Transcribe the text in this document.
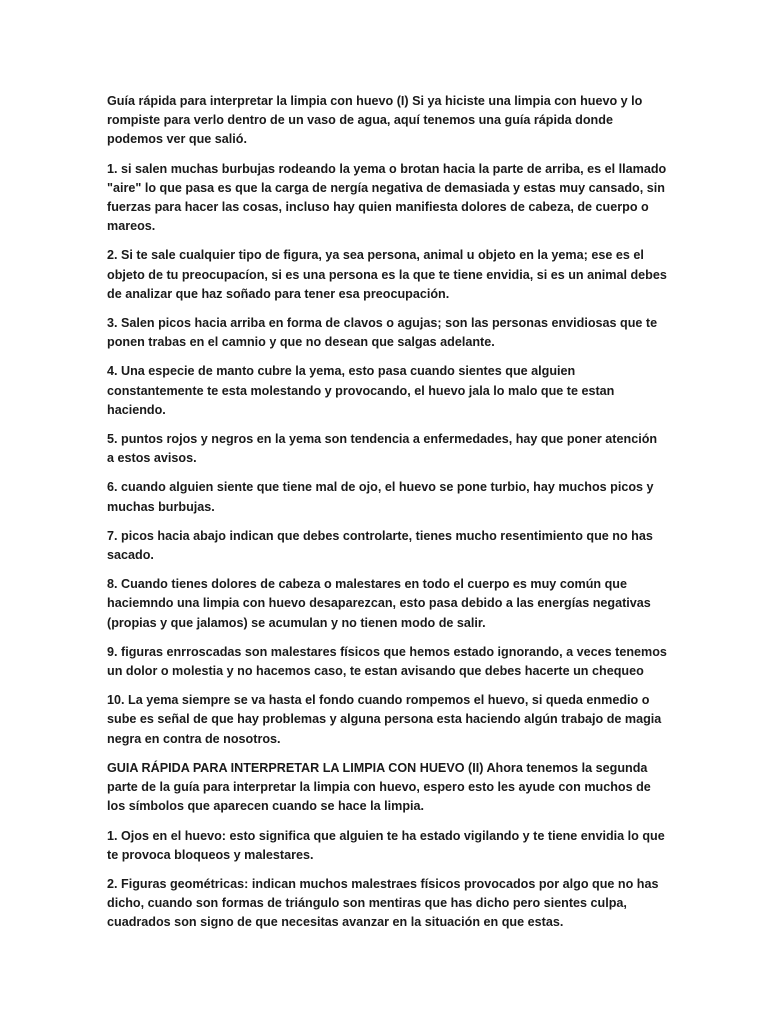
Guía rápida para interpretar la limpia con huevo (I) Si ya hiciste una limpia con huevo y lo rompiste para verlo dentro de un vaso de agua, aquí tenemos una guía rápida donde podemos ver que salió.

1. si salen muchas burbujas rodeando la yema o brotan hacia la parte de arriba, es el llamado "aire" lo que pasa es que la carga de nergía negativa de demasiada y estas muy cansado, sin fuerzas para hacer las cosas, incluso hay quien manifiesta dolores de cabeza, de cuerpo o mareos.

2. Si te sale cualquier tipo de figura, ya sea persona, animal u objeto en la yema; ese es el objeto de tu preocupacíon, si es una persona es la que te tiene envidia, si es un animal debes de analizar que haz soñado para tener esa preocupación.

3. Salen picos hacia arriba en forma de clavos o agujas; son las personas envidiosas que te ponen trabas en el camnio y que no desean que salgas adelante.

4. Una especie de manto cubre la yema, esto pasa cuando sientes que alguien constantemente te esta molestando y provocando, el huevo jala lo malo que te estan haciendo.

5. puntos rojos y negros en la yema son tendencia a enfermedades, hay que poner atención a estos avisos.

6. cuando alguien siente que tiene mal de ojo, el huevo se pone turbio, hay muchos picos y muchas burbujas.

7. picos hacia abajo indican que debes controlarte, tienes mucho resentimiento que no has sacado.

8. Cuando tienes dolores de cabeza o malestares en todo el cuerpo es muy común que haciemndo una limpia con huevo desaparezcan, esto pasa debido a las energías negativas (propias y que jalamos) se acumulan y no tienen modo de salir.

9. figuras enrroscadas son malestares físicos que hemos estado ignorando, a veces tenemos un dolor o molestia y no hacemos caso, te estan avisando que debes hacerte un chequeo

10. La yema siempre se va hasta el fondo cuando rompemos el huevo, si queda enmedio o sube es señal de que hay problemas y alguna persona esta haciendo algún trabajo de magia negra en contra de nosotros.

GUIA RÁPIDA PARA INTERPRETAR LA LIMPIA CON HUEVO (II) Ahora tenemos la segunda parte de la guía para interpretar la limpia con huevo, espero esto les ayude con muchos de los símbolos que aparecen cuando se hace la limpia.

1. Ojos en el huevo: esto significa que alguien te ha estado vigilando y te tiene envidia lo que te provoca bloqueos y malestares.

2. Figuras geométricas: indican muchos malestraes físicos provocados por algo que no has dicho, cuando son formas de triángulo son mentiras que has dicho pero sientes culpa, cuadrados son signo de que necesitas avanzar en la situación en que estas.
